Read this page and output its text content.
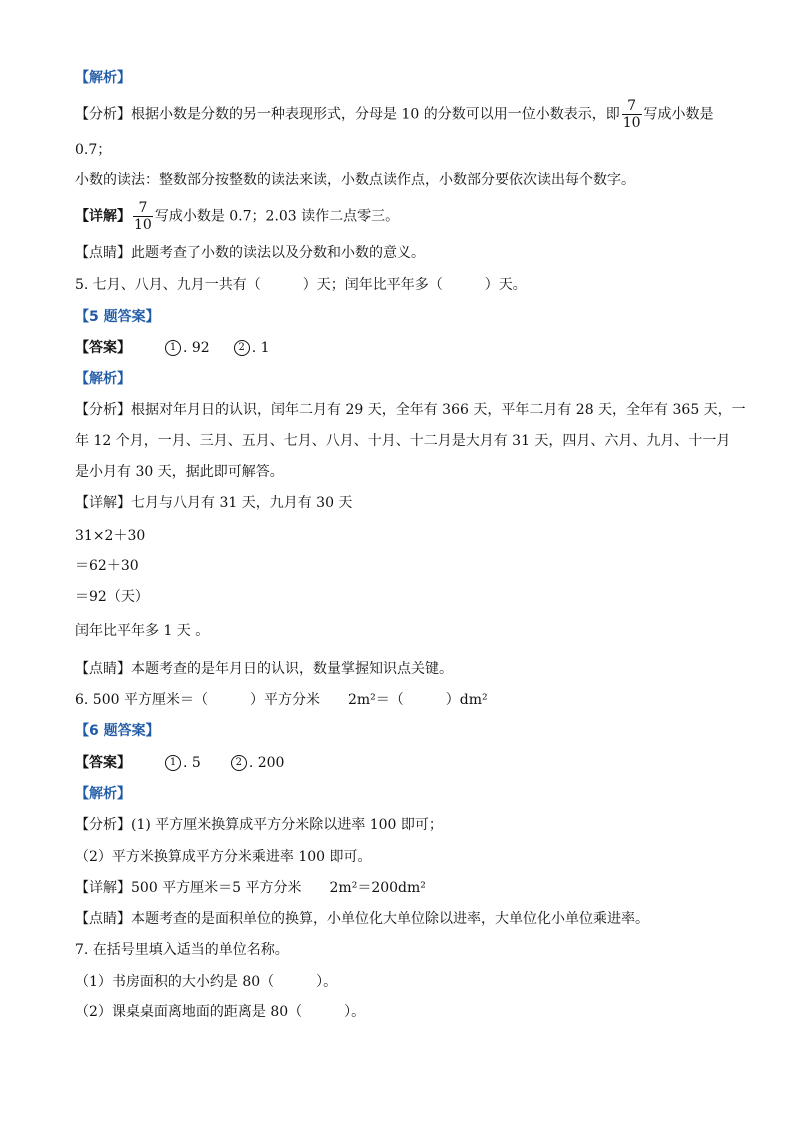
【解析】
【分析】根据小数是分数的另一种表现形式，分母是 10 的分数可以用一位小数表示，即 $\frac{7}{10}$ 写成小数是
0.7；
小数的读法：整数部分按整数的读法来读，小数点读作点，小数部分要依次读出每个数字。
【详解】 $\frac{7}{10}$ 写成小数是 0.7；2.03 读作二点零三。
【点睛】此题考查了小数的读法以及分数和小数的意义。
5. 七月、八月、九月一共有（　　　）天；闰年比平年多（　　　）天。
【5 题答案】
【答案】	1 . 92	2 . 1
【解析】
【分析】根据对年月日的认识，闰年二月有 29 天，全年有 366 天，平年二月有 28 天，全年有 365 天，一
年 12 个月，一月、三月、五月、七月、八月、十月、十二月是大月有 31 天，四月、六月、九月、十一月
是小月有 30 天，据此即可解答。
【详解】七月与八月有 31 天，九月有 30 天
31×2＋30
＝62＋30
＝92（天）
闰年比平年多 1 天 。
【点睛】本题考查的是年月日的认识，数量掌握知识点关键。
6. 500 平方厘米＝（　　　）平方分米　　2m²＝（　　　）dm²
【6 题答案】
【答案】	1 . 5	2 . 200
【解析】
【分析】(1) 平方厘米换算成平方分米除以进率 100 即可；
（2）平方米换算成平方分米乘进率 100 即可。
【详解】500 平方厘米＝5 平方分米　　2m²＝200dm²
【点睛】本题考查的是面积单位的换算，小单位化大单位除以进率，大单位化小单位乘进率。
7. 在括号里填入适当的单位名称。
（1）书房面积的大小约是 80（　　　）。
（2）课桌桌面离地面的距离是 80（　　　）。
